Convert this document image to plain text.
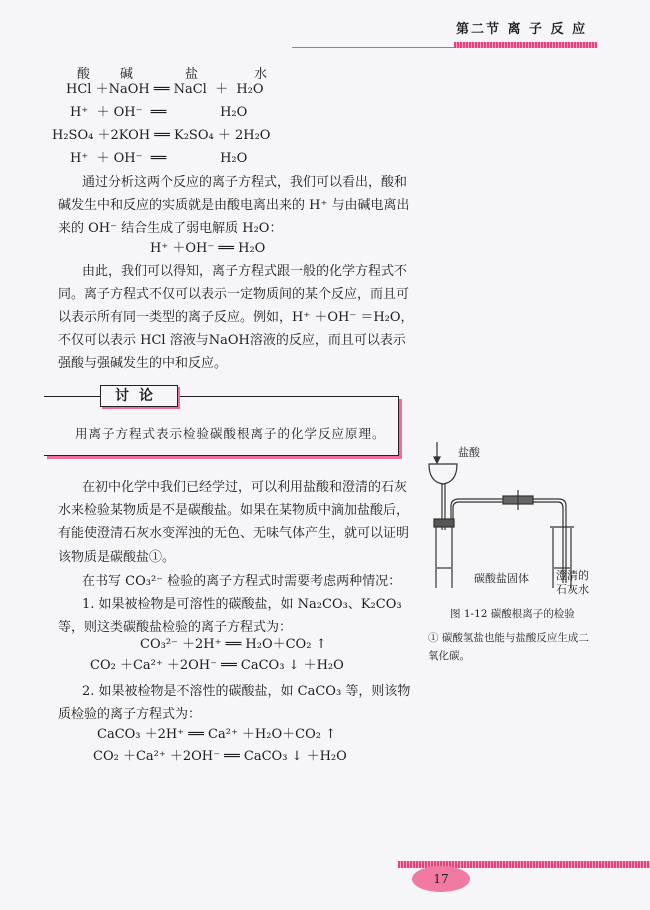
第二节 离 子 反 应
酸 碱	盐	水
HCl ＋NaOH ══ NaCl  ＋  H₂O
H⁺  ＋ OH⁻  ══             H₂O
H₂SO₄ ＋2KOH ══ K₂SO₄ ＋ 2H₂O
H⁺  ＋ OH⁻  ══             H₂O
通过分析这两个反应的离子方程式，我们可以看出，酸和
碱发生中和反应的实质就是由酸电离出来的 H⁺ 与由碱电离出
来的 OH⁻ 结合生成了弱电解质 H₂O：
H⁺ ＋OH⁻ ══ H₂O
由此，我们可以得知，离子方程式跟一般的化学方程式不
同。离子方程式不仅可以表示一定物质间的某个反应，而且可
以表示所有同一类型的离子反应。例如，H⁺ ＋OH⁻ ＝H₂O，
不仅可以表示 HCl 溶液与NaOH溶液的反应，而且可以表示
强酸与强碱发生的中和反应。
讨论
用离子方程式表示检验碳酸根离子的化学反应原理。
在初中化学中我们已经学过，可以利用盐酸和澄清的石灰
水来检验某物质是不是碳酸盐。如果在某物质中滴加盐酸后，
有能使澄清石灰水变浑浊的无色、无味气体产生，就可以证明
该物质是碳酸盐①。
在书写 CO₃²⁻ 检验的离子方程式时需要考虑两种情况：
1. 如果被检物是可溶性的碳酸盐，如 Na₂CO₃、K₂CO₃
等，则这类碳酸盐检验的离子方程式为：
CO₃²⁻ ＋2H⁺ ══ H₂O＋CO₂ ↑
CO₂ ＋Ca²⁺ ＋2OH⁻ ══ CaCO₃ ↓ ＋H₂O
2. 如果被检物是不溶性的碳酸盐，如 CaCO₃ 等，则该物
质检验的离子方程式为：
CaCO₃ ＋2H⁺ ══ Ca²⁺ ＋H₂O＋CO₂ ↑
CO₂ ＋Ca²⁺ ＋2OH⁻ ══ CaCO₃ ↓ ＋H₂O
盐酸
碳酸盐固体 澄清的
石灰水
图 1-12 碳酸根离子的检验
① 碳酸氢盐也能与盐酸反应生成二
氧化碳。
17
